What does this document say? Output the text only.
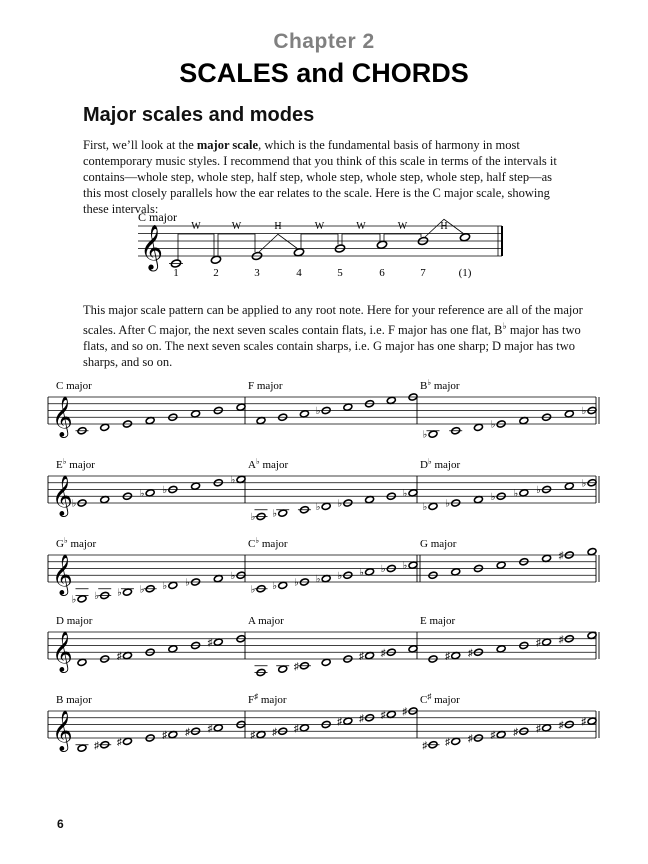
Chapter 2
SCALES and CHORDS
Major scales and modes

First, we’ll look at the major scale, which is the fundamental basis of harmony in most contemporary music styles. I recommend that you think of this scale in terms of the intervals it contains—whole step, whole step, half step, whole step, whole step, whole step, half step—as this most closely parallels how the ear relates to the scale. Here is the C major scale, showing these intervals:

𝄞
C major
1	2	3	4	5	6	7	(1)
W	W	H	W	W	W	H

This major scale pattern can be applied to any root note. Here for your reference are all of the major scales. After C major, the next seven scales contain flats, i.e. F major has one flat, B♭ major has two flats, and so on. The next seven scales contain sharps, i.e. G major has one sharp; D major has two sharps, and so on.

𝄞
C major	F major
♭
B♭ major
♭
♭
♭
𝄞
E♭ major
♭
♭ ♭
♭
A♭ major
♭ ♭
♭ ♭
♭
D♭ major
♭ ♭
♭ ♭ ♭
♭
𝄞
G♭ major
♭ ♭ ♭ ♭ ♭ ♭
♭
C♭ major
♭ ♭ ♭ ♭ ♭ ♭ ♭ ♭
G major
♯
𝄞
D major
♯
♯
A major
♯
♯ ♯
E major
♯ ♯
♯ ♯
𝄞
B major
♯ ♯
♯ ♯ ♯
F♯ major
♯ ♯ ♯
♯ ♯ ♯ ♯
C♯ major
♯ ♯ ♯ ♯ ♯ ♯ ♯ ♯
6
